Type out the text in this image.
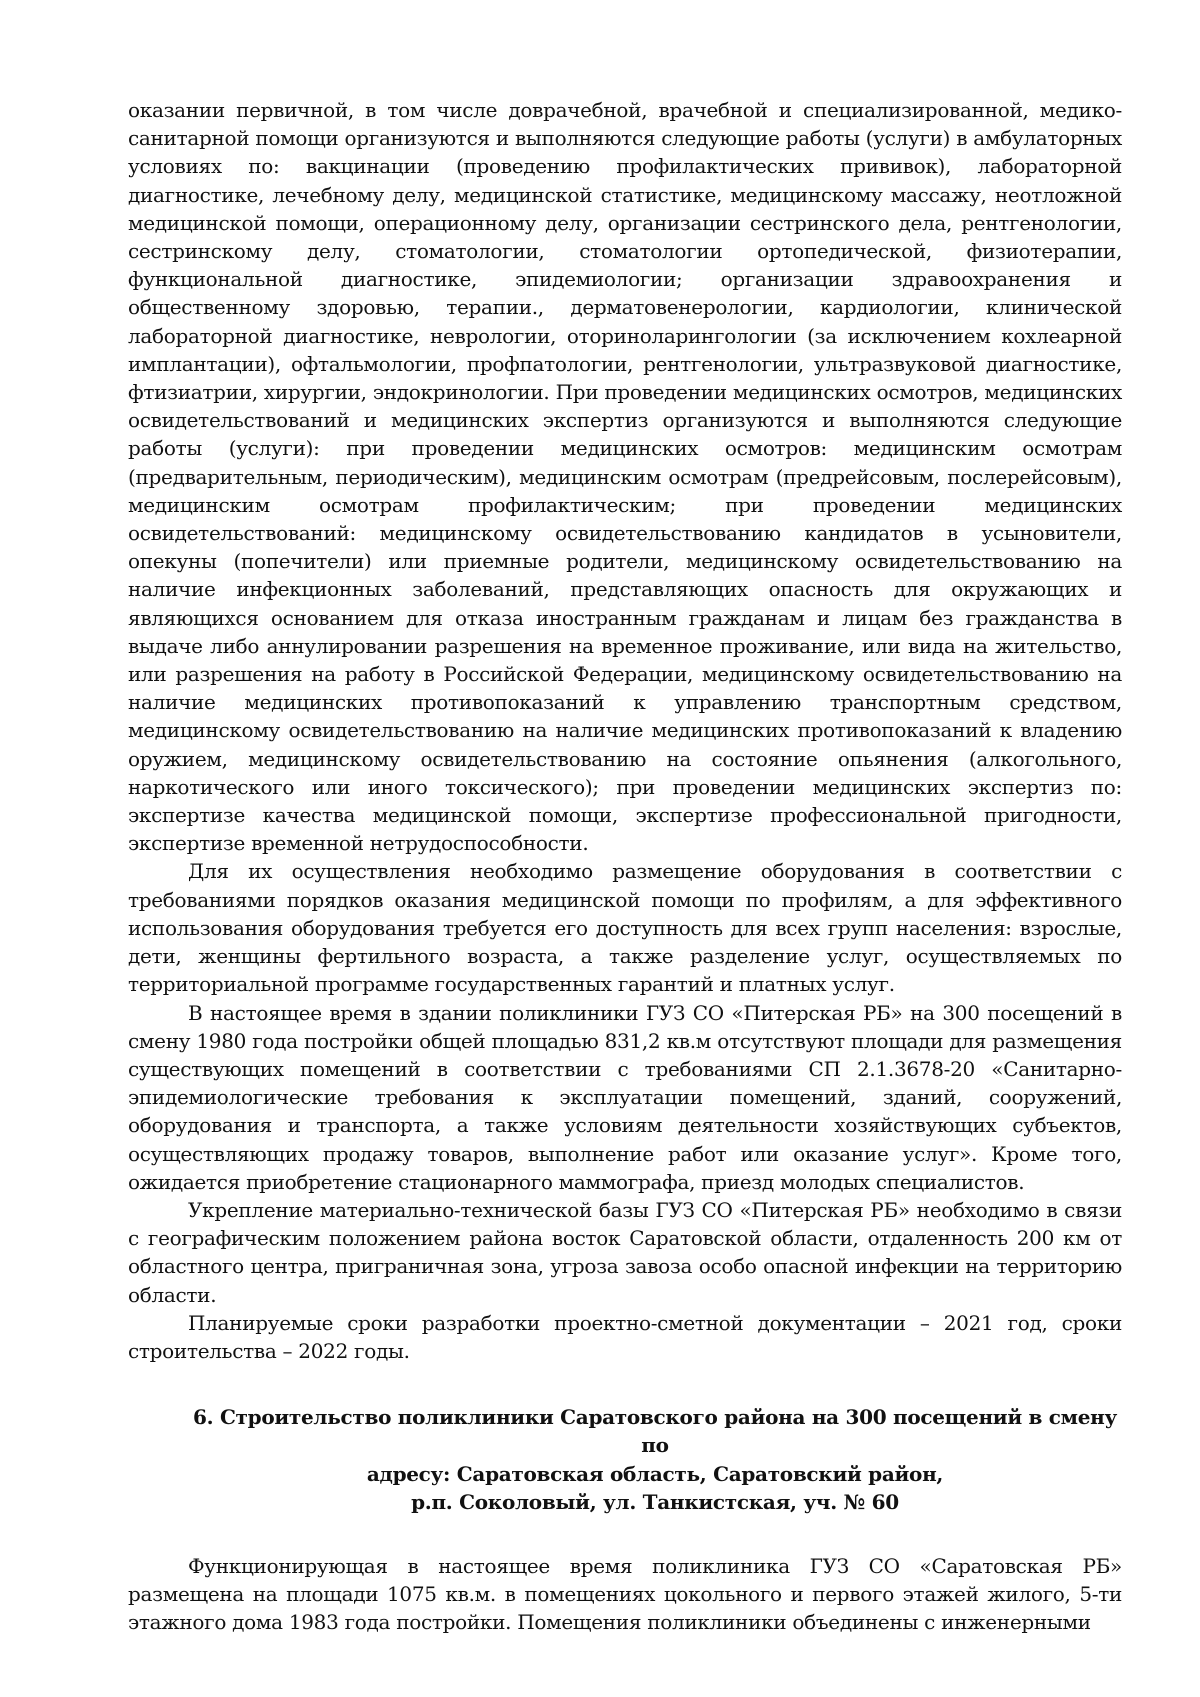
оказании первичной, в том числе доврачебной, врачебной и специализированной, медико-санитарной помощи организуются и выполняются следующие работы (услуги) в амбулаторных условиях по: вакцинации (проведению профилактических прививок), лабораторной диагностике, лечебному делу, медицинской статистике, медицинскому массажу, неотложной медицинской помощи, операционному делу, организации сестринского дела, рентгенологии, сестринскому делу, стоматологии, стоматологии ортопедической, физиотерапии, функциональной диагностике, эпидемиологии; организации здравоохранения и общественному здоровью, терапии., дерматовенерологии, кардиологии, клинической лабораторной диагностике, неврологии, оториноларингологии (за исключением кохлеарной имплантации), офтальмологии, профпатологии, рентгенологии, ультразвуковой диагностике, фтизиатрии, хирургии, эндокринологии. При проведении медицинских осмотров, медицинских освидетельствований и медицинских экспертиз организуются и выполняются следующие работы (услуги): при проведении медицинских осмотров: медицинским осмотрам (предварительным, периодическим), медицинским осмотрам (предрейсовым, послерейсовым), медицинским осмотрам профилактическим; при проведении медицинских освидетельствований: медицинскому освидетельствованию кандидатов в усыновители, опекуны (попечители) или приемные родители, медицинскому освидетельствованию на наличие инфекционных заболеваний, представляющих опасность для окружающих и являющихся основанием для отказа иностранным гражданам и лицам без гражданства в выдаче либо аннулировании разрешения на временное проживание, или вида на жительство, или разрешения на работу в Российской Федерации, медицинскому освидетельствованию на наличие медицинских противопоказаний к управлению транспортным средством, медицинскому освидетельствованию на наличие медицинских противопоказаний к владению оружием, медицинскому освидетельствованию на состояние опьянения (алкогольного, наркотического или иного токсического); при проведении медицинских экспертиз по: экспертизе качества медицинской помощи, экспертизе профессиональной пригодности, экспертизе временной нетрудоспособности.

Для их осуществления необходимо размещение оборудования в соответствии с требованиями порядков оказания медицинской помощи по профилям, а для эффективного использования оборудования требуется его доступность для всех групп населения: взрослые, дети, женщины фертильного возраста, а также разделение услуг, осуществляемых по территориальной программе государственных гарантий и платных услуг.

В настоящее время в здании поликлиники ГУЗ СО «Питерская РБ» на 300 посещений в смену 1980 года постройки общей площадью 831,2 кв.м отсутствуют площади для размещения существующих помещений в соответствии с требованиями СП 2.1.3678-20 «Санитарно-эпидемиологические требования к эксплуатации помещений, зданий, сооружений, оборудования и транспорта, а также условиям деятельности хозяйствующих субъектов, осуществляющих продажу товаров, выполнение работ или оказание услуг». Кроме того, ожидается приобретение стационарного маммографа, приезд молодых специалистов.

Укрепление материально-технической базы ГУЗ СО «Питерская РБ» необходимо в связи с географическим положением района восток Саратовской области, отдаленность 200 км от областного центра, приграничная зона, угроза завоза особо опасной инфекции на территорию области.

Планируемые сроки разработки проектно-сметной документации – 2021 год, сроки строительства – 2022 годы.

6. Строительство поликлиники Саратовского района на 300 посещений в смену по
адресу: Саратовская область, Саратовский район,
р.п. Соколовый, ул. Танкистская, уч. № 60

Функционирующая в настоящее время поликлиника ГУЗ СО «Саратовская РБ» размещена на площади 1075 кв.м. в помещениях цокольного и первого этажей жилого, 5-ти этажного дома 1983 года постройки. Помещения поликлиники объединены с инженерными
